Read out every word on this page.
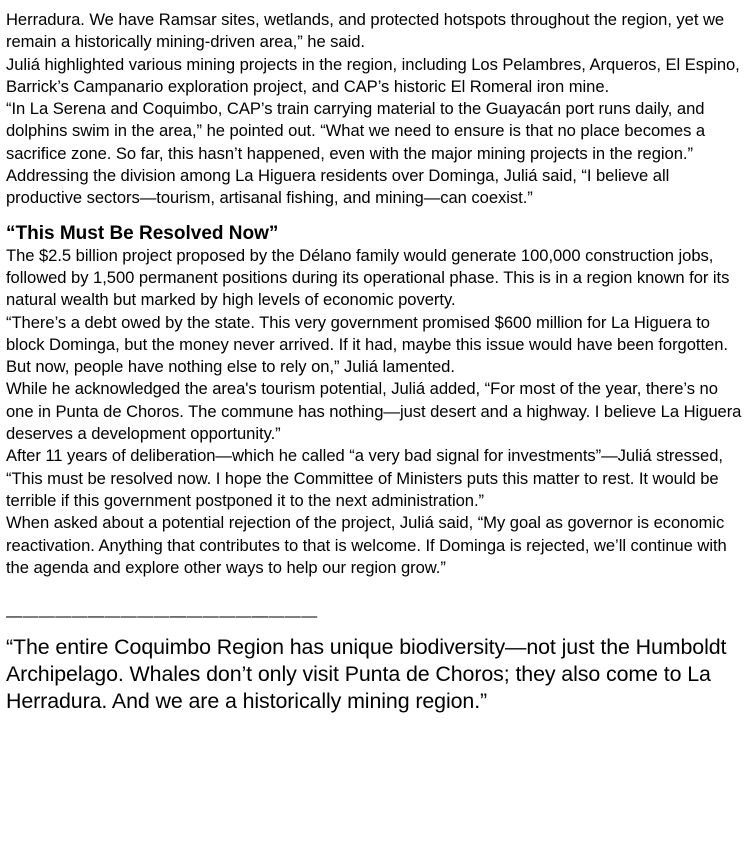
Herradura. We have Ramsar sites, wetlands, and protected hotspots throughout the region, yet we remain a historically mining-driven area,” he said.

Juliá highlighted various mining projects in the region, including Los Pelambres, Arqueros, El Espino, Barrick’s Campanario exploration project, and CAP’s historic El Romeral iron mine.

“In La Serena and Coquimbo, CAP’s train carrying material to the Guayacán port runs daily, and dolphins swim in the area,” he pointed out. “What we need to ensure is that no place becomes a sacrifice zone. So far, this hasn’t happened, even with the major mining projects in the region.”

Addressing the division among La Higuera residents over Dominga, Juliá said, “I believe all productive sectors—tourism, artisanal fishing, and mining—can coexist.”

“This Must Be Resolved Now”

The $2.5 billion project proposed by the Délano family would generate 100,000 construction jobs, followed by 1,500 permanent positions during its operational phase. This is in a region known for its natural wealth but marked by high levels of economic poverty.

“There’s a debt owed by the state. This very government promised $600 million for La Higuera to block Dominga, but the money never arrived. If it had, maybe this issue would have been forgotten. But now, people have nothing else to rely on,” Juliá lamented.

While he acknowledged the area's tourism potential, Juliá added, “For most of the year, there’s no one in Punta de Choros. The commune has nothing—just desert and a highway. I believe La Higuera deserves a development opportunity.”

After 11 years of deliberation—which he called “a very bad signal for investments”—Juliá stressed, “This must be resolved now. I hope the Committee of Ministers puts this matter to rest. It would be terrible if this government postponed it to the next administration.”

When asked about a potential rejection of the project, Juliá said, “My goal as governor is economic reactivation. Anything that contributes to that is welcome. If Dominga is rejected, we’ll continue with the agenda and explore other ways to help our region grow.”

———————————————————

“The entire Coquimbo Region has unique biodiversity—not just the Humboldt Archipelago. Whales don’t only visit Punta de Choros; they also come to La Herradura. And we are a historically mining region.”
